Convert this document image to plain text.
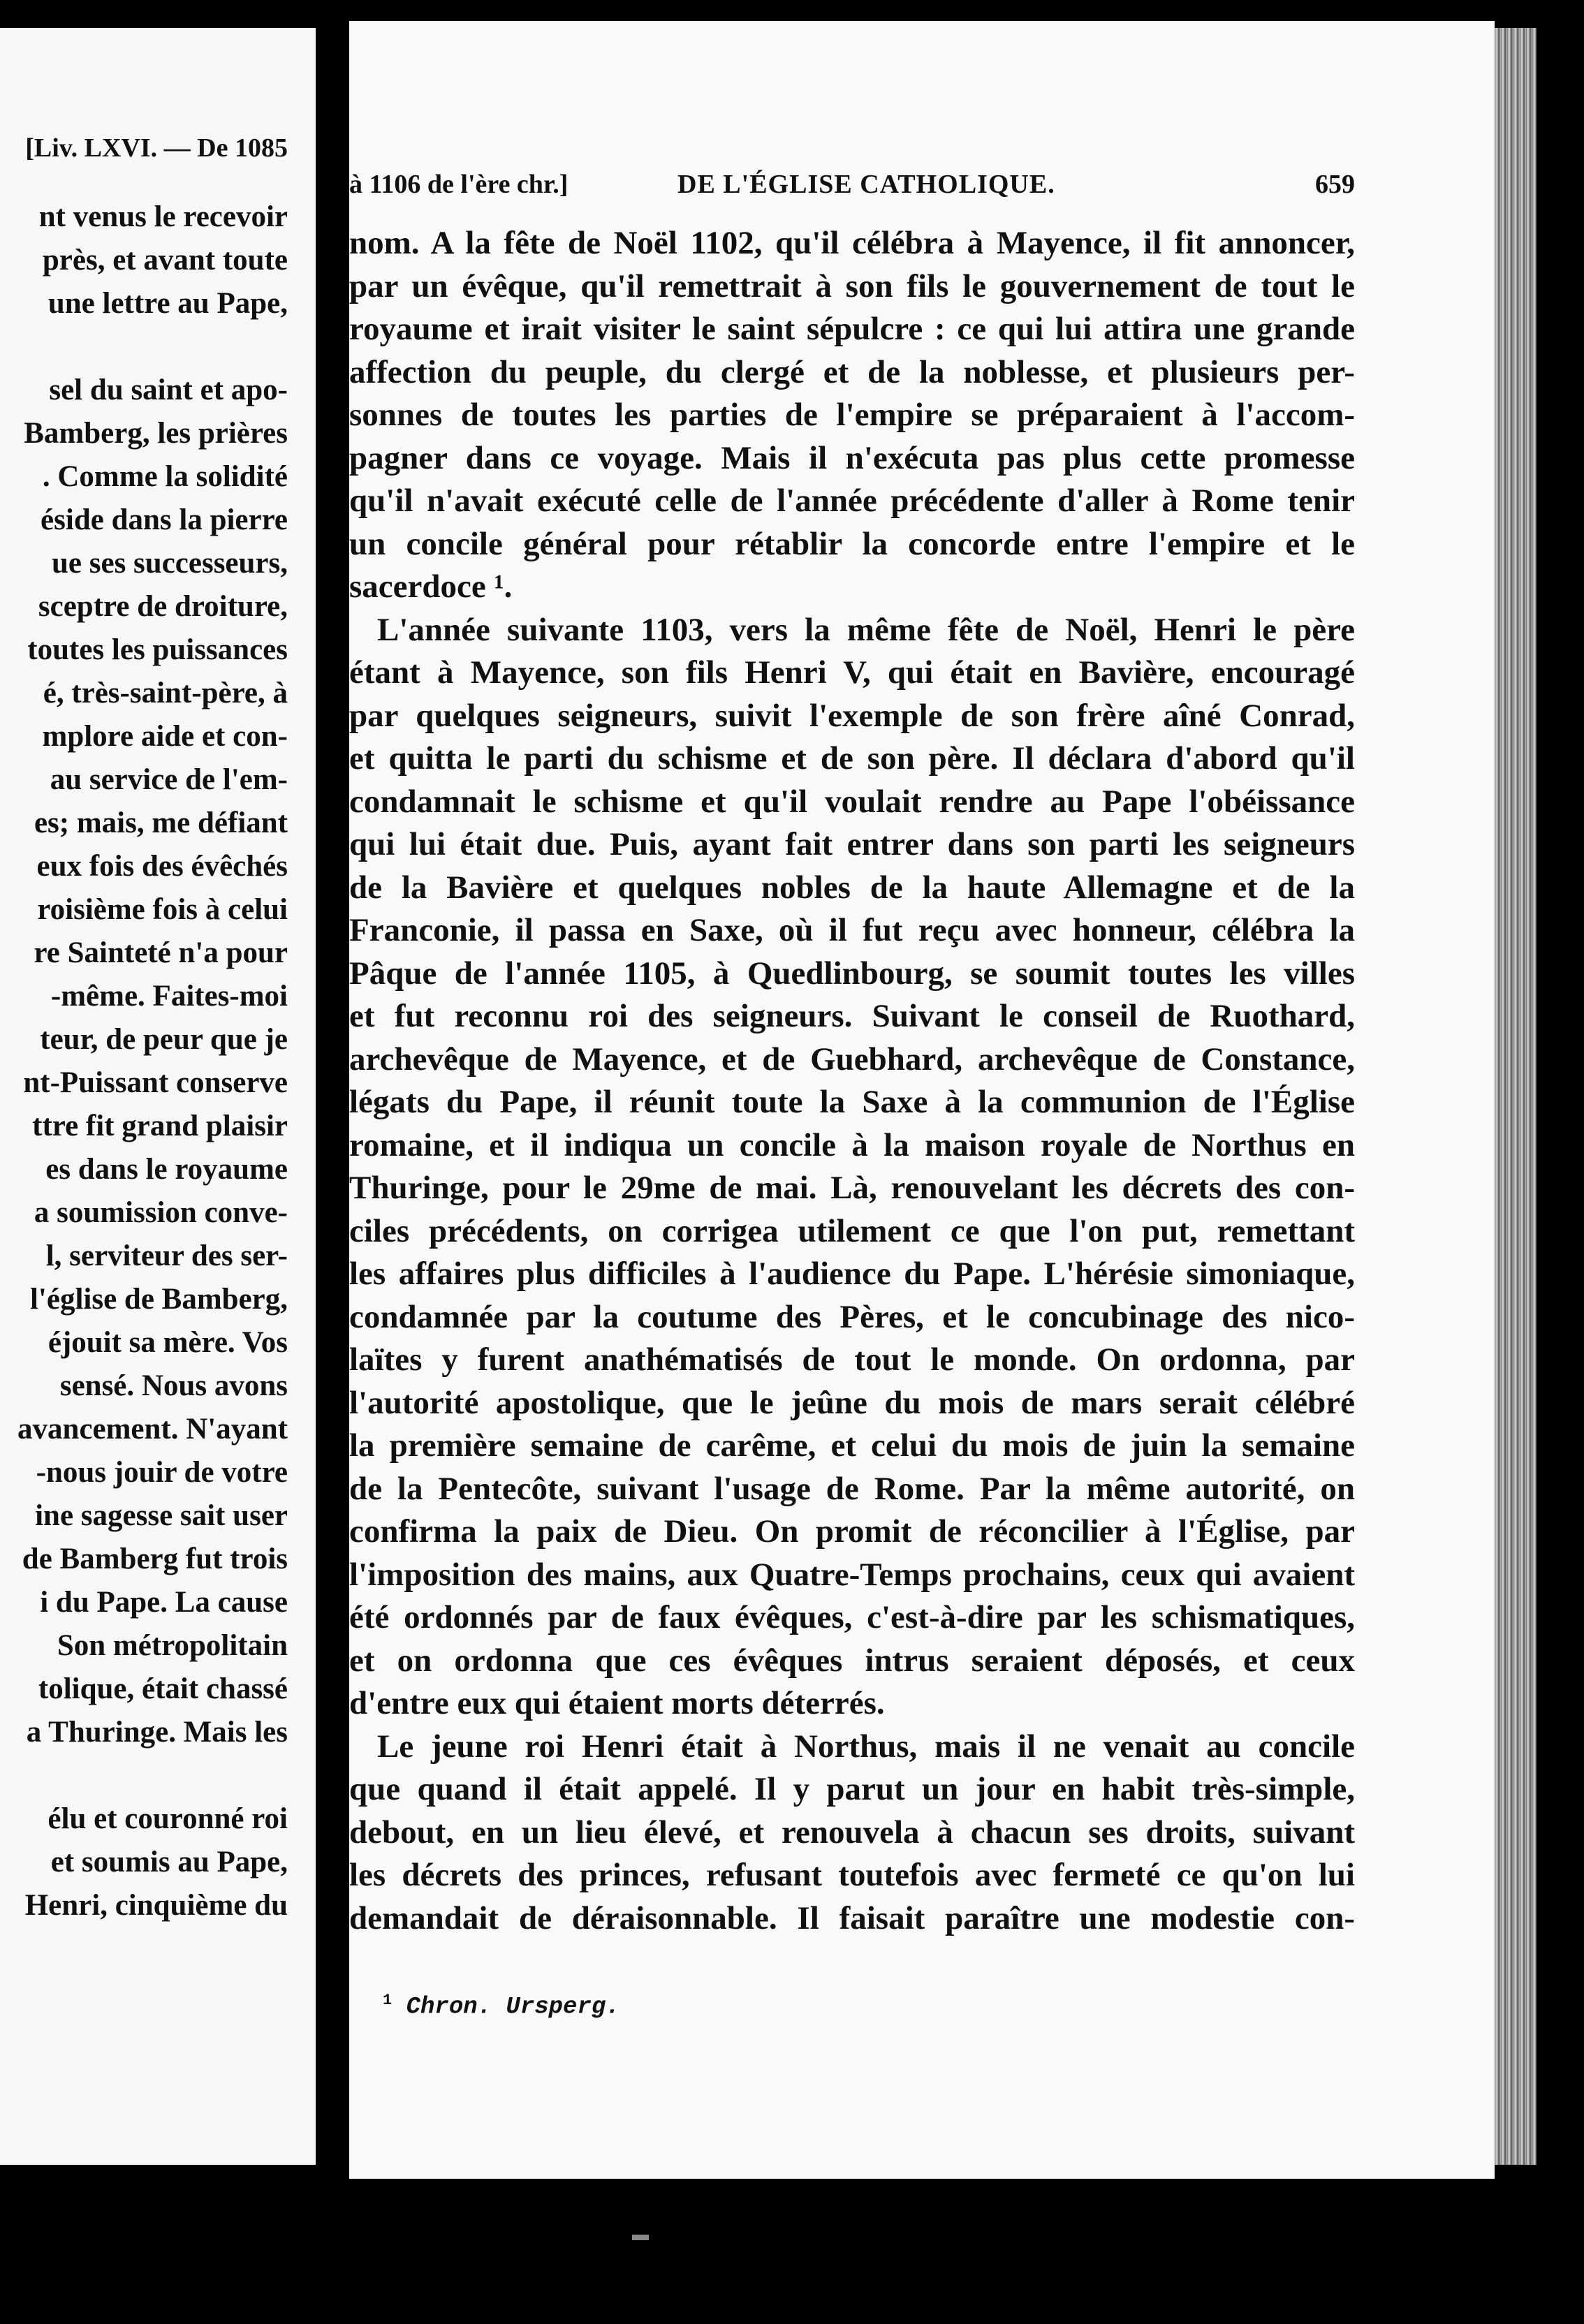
[Liv. LXVI. — De 1085
nt venus le recevoir
près, et avant toute
une lettre au Pape,

sel du saint et apo-
Bamberg, les prières
. Comme la solidité
éside dans la pierre
ue ses successeurs,
sceptre de droiture,
toutes les puissances
é, très-saint-père, à
mplore aide et con-
au service de l'em-
es; mais, me défiant
eux fois des évêchés
roisième fois à celui
re Sainteté n'a pour
-même. Faites-moi
teur, de peur que je
nt-Puissant conserve
ttre fit grand plaisir
es dans le royaume
a soumission conve-
l, serviteur des ser-
l'église de Bamberg,
éjouit sa mère. Vos
sensé. Nous avons
avancement. N'ayant
-nous jouir de votre
ine sagesse sait user
de Bamberg fut trois
i du Pape. La cause
Son métropolitain
tolique, était chassé
a Thuringe. Mais les

élu et couronné roi
et soumis au Pape,
Henri, cinquième du
à 1106 de l'ère chr.]	DE L'ÉGLISE CATHOLIQUE.	659
nom. A la fête de Noël 1102, qu'il célébra à Mayence, il fit annoncer,
par un évêque, qu'il remettrait à son fils le gouvernement de tout le
royaume et irait visiter le saint sépulcre : ce qui lui attira une grande
affection du peuple, du clergé et de la noblesse, et plusieurs per-
sonnes de toutes les parties de l'empire se préparaient à l'accom-
pagner dans ce voyage. Mais il n'exécuta pas plus cette promesse
qu'il n'avait exécuté celle de l'année précédente d'aller à Rome tenir
un concile général pour rétablir la concorde entre l'empire et le
sacerdoce ¹.
L'année suivante 1103, vers la même fête de Noël, Henri le père
étant à Mayence, son fils Henri V, qui était en Bavière, encouragé
par quelques seigneurs, suivit l'exemple de son frère aîné Conrad,
et quitta le parti du schisme et de son père. Il déclara d'abord qu'il
condamnait le schisme et qu'il voulait rendre au Pape l'obéissance
qui lui était due. Puis, ayant fait entrer dans son parti les seigneurs
de la Bavière et quelques nobles de la haute Allemagne et de la
Franconie, il passa en Saxe, où il fut reçu avec honneur, célébra la
Pâque de l'année 1105, à Quedlinbourg, se soumit toutes les villes
et fut reconnu roi des seigneurs. Suivant le conseil de Ruothard,
archevêque de Mayence, et de Guebhard, archevêque de Constance,
légats du Pape, il réunit toute la Saxe à la communion de l'Église
romaine, et il indiqua un concile à la maison royale de Northus en
Thuringe, pour le 29me de mai. Là, renouvelant les décrets des con-
ciles précédents, on corrigea utilement ce que l'on put, remettant
les affaires plus difficiles à l'audience du Pape. L'hérésie simoniaque,
condamnée par la coutume des Pères, et le concubinage des nico-
laïtes y furent anathématisés de tout le monde. On ordonna, par
l'autorité apostolique, que le jeûne du mois de mars serait célébré
la première semaine de carême, et celui du mois de juin la semaine
de la Pentecôte, suivant l'usage de Rome. Par la même autorité, on
confirma la paix de Dieu. On promit de réconcilier à l'Église, par
l'imposition des mains, aux Quatre-Temps prochains, ceux qui avaient
été ordonnés par de faux évêques, c'est-à-dire par les schismatiques,
et on ordonna que ces évêques intrus seraient déposés, et ceux
d'entre eux qui étaient morts déterrés.
Le jeune roi Henri était à Northus, mais il ne venait au concile
que quand il était appelé. Il y parut un jour en habit très-simple,
debout, en un lieu élevé, et renouvela à chacun ses droits, suivant
les décrets des princes, refusant toutefois avec fermeté ce qu'on lui
demandait de déraisonnable. Il faisait paraître une modestie con-
$^1$ Chron. Ursperg.
